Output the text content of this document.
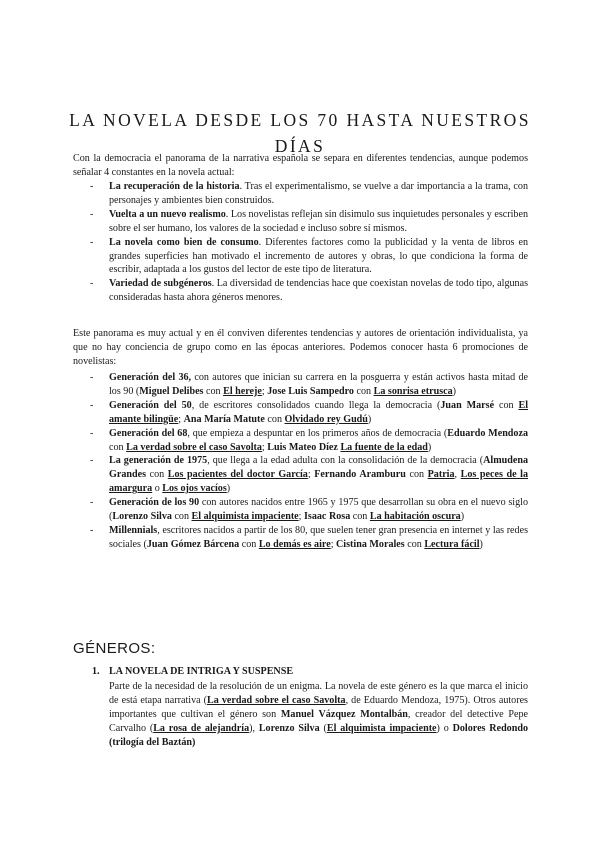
LA NOVELA DESDE LOS 70 HASTA NUESTROS DÍAS

Con la democracia el panorama de la narrativa española se separa en diferentes tendencias, aunque podemos señalar 4 constantes en la novela actual:

- La recuperación de la historia. Tras el experimentalismo, se vuelve a dar importancia a la trama, con personajes y ambientes bien construidos.
- Vuelta a un nuevo realismo. Los novelistas reflejan sin disimulo sus inquietudes personales y escriben sobre el ser humano, los valores de la sociedad e incluso sobre sí mismos.
- La novela como bien de consumo. Diferentes factores como la publicidad y la venta de libros en grandes superficies han motivado el incremento de autores y obras, lo que condiciona la forma de escribir, adaptada a los gustos del lector de este tipo de literatura.
- Variedad de subgéneros. La diversidad de tendencias hace que coexistan novelas de todo tipo, algunas consideradas hasta ahora géneros menores.

Este panorama es muy actual y en él conviven diferentes tendencias y autores de orientación individualista, ya que no hay conciencia de grupo como en las épocas anteriores. Podemos conocer hasta 6 promociones de novelistas:

- Generación del 36, con autores que inician su carrera en la posguerra y están activos hasta mitad de los 90 (Miguel Delibes con El hereje; Jose Luis Sampedro con La sonrisa etrusca)
- Generación del 50, de escritores consolidados cuando llega la democracia (Juan Marsé con El amante bilingüe; Ana María Matute con Olvidado rey Gudú)
- Generación del 68, que empieza a despuntar en los primeros años de democracia (Eduardo Mendoza con La verdad sobre el caso Savolta; Luis Mateo Díez La fuente de la edad)
- La generación de 1975, que llega a la edad adulta con la consolidación de la democracia (Almudena Grandes con Los pacientes del doctor García; Fernando Aramburu con Patria, Los peces de la amargura o Los ojos vacíos)
- Generación de los 90 con autores nacidos entre 1965 y 1975 que desarrollan su obra en el nuevo siglo (Lorenzo Silva con El alquimista impaciente; Isaac Rosa con La habitación oscura)
- Millennials, escritores nacidos a partir de los 80, que suelen tener gran presencia en internet y las redes sociales (Juan Gómez Bárcena con Lo demás es aire; Cistina Morales con Lectura fácil)
GÉNEROS:
1. LA NOVELA DE INTRIGA Y SUSPENSE

Parte de la necesidad de la resolución de un enigma. La novela de este género es la que marca el inicio de está etapa narrativa (La verdad sobre el caso Savolta, de Eduardo Mendoza, 1975). Otros autores importantes que cultivan el género son Manuel Vázquez Montalbán, creador del detective Pepe Carvalho (La rosa de alejandría), Lorenzo Silva (El alquimista impaciente) o Dolores Redondo (trilogía del Baztán)
